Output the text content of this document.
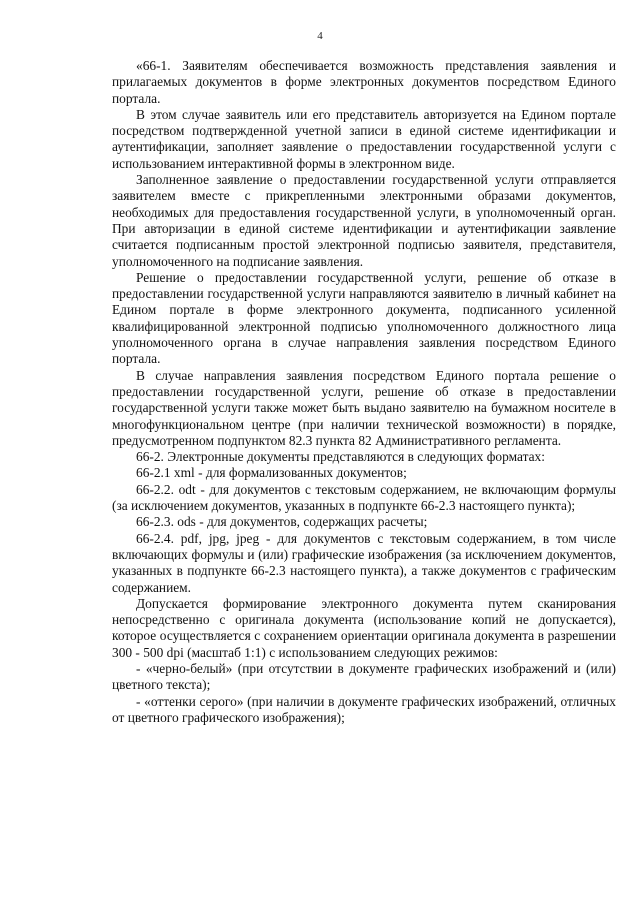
4

«66-1. Заявителям обеспечивается возможность представления заявления и прилагаемых документов в форме электронных документов посредством Единого портала.

В этом случае заявитель или его представитель авторизуется на Едином портале посредством подтвержденной учетной записи в единой системе идентификации и аутентификации, заполняет заявление о предоставлении государственной услуги с использованием интерактивной формы в электронном виде.

Заполненное заявление о предоставлении государственной услуги отправляется заявителем вместе с прикрепленными электронными образами документов, необходимых для предоставления государственной услуги, в уполномоченный орган. При авторизации в единой системе идентификации и аутентификации заявление считается подписанным простой электронной подписью заявителя, представителя, уполномоченного на подписание заявления.

Решение о предоставлении государственной услуги, решение об отказе в предоставлении государственной услуги направляются заявителю в личный кабинет на Едином портале в форме электронного документа, подписанного усиленной квалифицированной электронной подписью уполномоченного должностного лица уполномоченного органа в случае направления заявления посредством Единого портала.

В случае направления заявления посредством Единого портала решение о предоставлении государственной услуги, решение об отказе в предоставлении государственной услуги также может быть выдано заявителю на бумажном носителе в многофункциональном центре (при наличии технической возможности) в порядке, предусмотренном подпунктом 82.3 пункта 82 Административного регламента.

66-2. Электронные документы представляются в следующих форматах:

66-2.1 xml - для формализованных документов;

66-2.2. odt - для документов с текстовым содержанием, не включающим формулы (за исключением документов, указанных в подпункте 66-2.3 настоящего пункта);

66-2.3. ods - для документов, содержащих расчеты;

66-2.4. pdf, jpg, jpeg - для документов с текстовым содержанием, в том числе включающих формулы и (или) графические изображения (за исключением документов, указанных в подпункте 66-2.3 настоящего пункта), а также документов с графическим содержанием.

Допускается формирование электронного документа путем сканирования непосредственно с оригинала документа (использование копий не допускается), которое осуществляется с сохранением ориентации оригинала документа в разрешении 300 - 500 dpi (масштаб 1:1) с использованием следующих режимов:

- «черно-белый» (при отсутствии в документе графических изображений и (или) цветного текста);

- «оттенки серого» (при наличии в документе графических изображений, отличных от цветного графического изображения);
